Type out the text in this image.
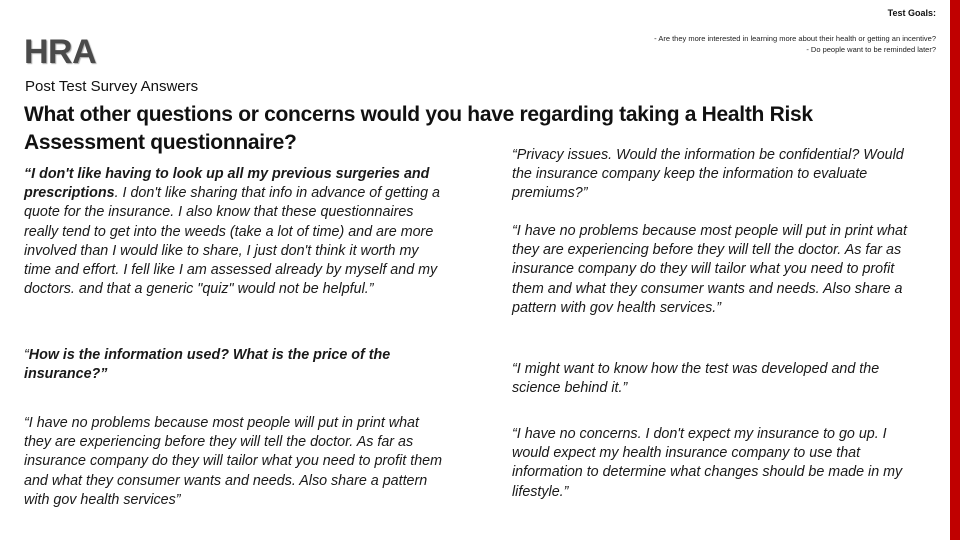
Test Goals:
- Are they more interested in learning more about their health or getting an incentive?
- Do people want to be reminded later?
HRA
Post Test Survey Answers
What other questions or concerns would you have regarding taking a Health Risk Assessment questionnaire?

“I don't like having to look up all my previous surgeries and prescriptions. I don't like sharing that info in advance of getting a quote for the insurance. I also know that these questionnaires really tend to get into the weeds (take a lot of time) and are more involved than I would like to share, I just don't think it worth my time and effort. I fell like I am assessed already by myself and my doctors. and that a generic "quiz" would not be helpful.”

“How is the information used? What is the price of the insurance?”

“I have no problems because most people will put in print what they are experiencing before they will tell the doctor. As far as insurance company do they will tailor what you need to profit them and what they consumer wants and needs. Also share a pattern with gov health services”

“Privacy issues. Would the information be confidential? Would the insurance company keep the information to evaluate premiums?”

“I have no problems because most people will put in print what they are experiencing before they will tell the doctor. As far as insurance company do they will tailor what you need to profit them and what they consumer wants and needs. Also share a pattern with gov health services.”

“I might want to know how the test was developed and the science behind it.”

“I have no concerns. I don't expect my insurance to go up. I would expect my health insurance company to use that information to determine what changes should be made in my lifestyle.”
